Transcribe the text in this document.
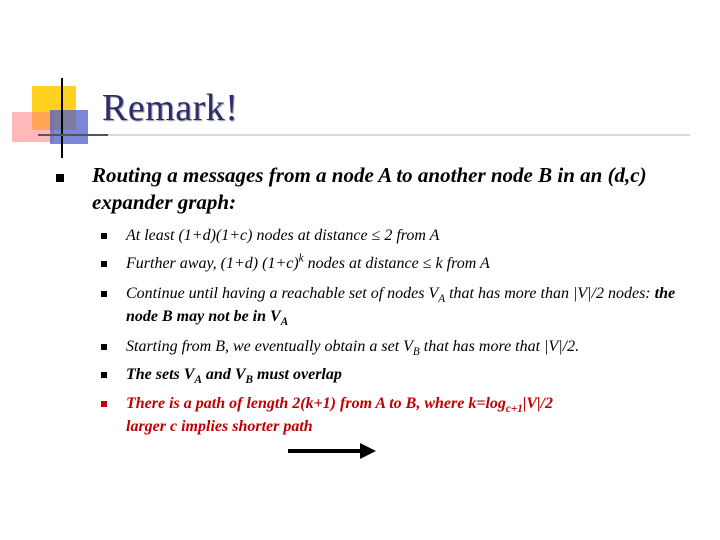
Remark!
Routing a messages from a node A to another node B in an (d,c) expander graph:
At least (1+d)(1+c) nodes at distance ≤ 2 from A
Further away, (1+d) $(1+c)^k$ nodes at distance ≤ k from A
Continue until having a reachable set of nodes $V_A$ that has more than |V|/2 nodes: the node B may not be in $V_A$
Starting from B, we eventually obtain a set $V_B$ that has more that |V|/2.
The sets $V_A$ and $V_B$ must overlap
There is a path of length 2(k+1) from A to B, where $k=\log_{c+1}|V|/2$
larger c implies shorter path
